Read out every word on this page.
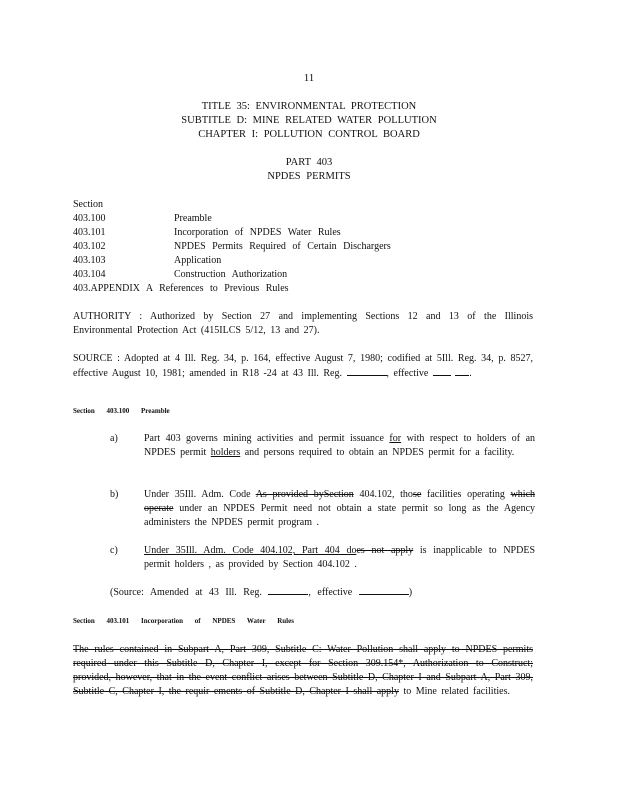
11
TITLE 35: ENVIRONMENTAL PROTECTION
SUBTITLE D: MINE RELATED WATER POLLUTION
CHAPTER I: POLLUTION CONTROL BOARD
PART 403
NPDES PERMITS
Section
403.100	Preamble
403.101	Incorporation of NPDES Water Rules
403.102	NPDES Permits Required of Certain Dischargers
403.103	Application
403.104	Construction Authorization
403.APPENDIX A References to Previous Rules
AUTHORITY : Authorized by Section 27 and implementing Sections 12 and 13 of the Illinois Environmental Protection Act (415ILCS 5/12, 13 and 27).
SOURCE : Adopted at 4 Ill. Reg. 34, p. 164, effective August 7, 1980; codified at 5Ill. Reg. 34, p. 8527, effective August 10, 1981; amended in R18 -24 at 43 Ill. Reg.	, effective	.
Section 403.100 Preamble
a)	Part 403 governs mining activities and permit issuance for with respect to holders of an NPDES permit holders and persons required to obtain an NPDES permit for a facility.
b)	Under 35Ill. Adm. Code As provided bySection 404.102, those facilities operating which operate under an NPDES Permit need not obtain a state permit so long as the Agency administers the NPDES permit program .
c)	Under 35Ill. Adm. Code 404.102, Part 404 does not apply is inapplicable to NPDES permit holders , as provided by Section 404.102 .
(Source: Amended at 43 Ill. Reg.	, effective	)
Section 403.101 Incorporation of NPDES Water Rules
The rules contained in Subpart A, Part 309, Subtitle C: Water Pollution shall apply to NPDES permits required under this Subtitle D, Chapter I, except for Section 309.154*, Authorization to Construct; provided, however, that in the event conflict arises between Subtitle D, Chapter I and Subpart A, Part 309, Subtitle C, Chapter I, the requir ements of Subtitle D, Chapter I shall apply to Mine related facilities.
